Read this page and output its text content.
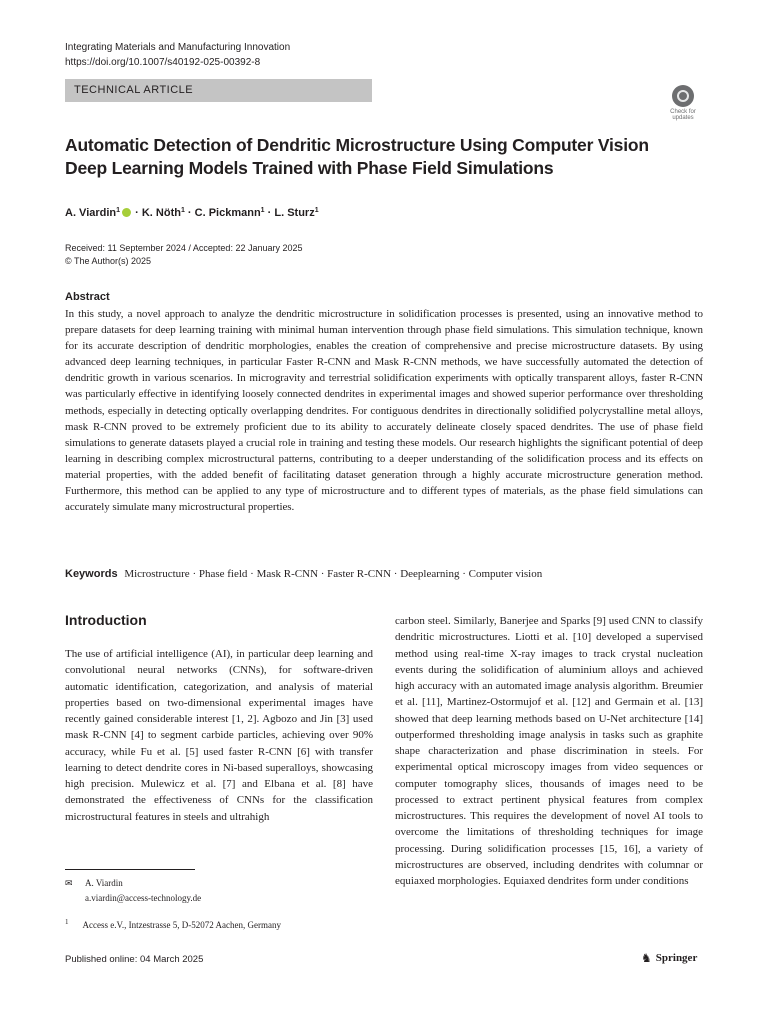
Integrating Materials and Manufacturing Innovation
https://doi.org/10.1007/s40192-025-00392-8
TECHNICAL ARTICLE
Check for
updates
Automatic Detection of Dendritic Microstructure Using Computer Vision Deep Learning Models Trained with Phase Field Simulations
A. Viardin$^1$ · K. Nöth$^1$ · C. Pickmann$^1$ · L. Sturz$^1$
Received: 11 September 2024 / Accepted: 22 January 2025
© The Author(s) 2025
Abstract

In this study, a novel approach to analyze the dendritic microstructure in solidification processes is presented, using an innovative method to prepare datasets for deep learning training with minimal human intervention through phase field simulations. This simulation technique, known for its accurate description of dendritic morphologies, enables the creation of comprehensive and precise microstructure datasets. By using advanced deep learning techniques, in particular Faster R-CNN and Mask R-CNN methods, we have successfully automated the detection of dendritic growth in various scenarios. In microgravity and terrestrial solidification experiments with optically transparent alloys, faster R-CNN was particularly effective in identifying loosely connected dendrites in experimental images and showed superior performance over thresholding methods, especially in detecting optically overlapping dendrites. For contiguous dendrites in directionally solidified polycrystalline metal alloys, mask R-CNN proved to be extremely proficient due to its ability to accurately delineate closely spaced dendrites. The use of phase field simulations to generate datasets played a crucial role in training and testing these models. Our research highlights the significant potential of deep learning in describing complex microstructural patterns, contributing to a deeper understanding of the solidification process and its effects on material properties, with the added benefit of facilitating dataset generation through a highly accurate microstructure generation method. Furthermore, this method can be applied to any type of microstructure and to different types of materials, as the phase field simulations can accurately simulate many microstructural properties.

Keywords Microstructure · Phase field · Mask R-CNN · Faster R-CNN · Deeplearning · Computer vision
Introduction

The use of artificial intelligence (AI), in particular deep learning and convolutional neural networks (CNNs), for software-driven automatic identification, categorization, and analysis of material properties based on two-dimensional experimental images have recently gained considerable interest [1, 2]. Agbozo and Jin [3] used mask R-CNN [4] to segment carbide particles, achieving over 90% accuracy, while Fu et al. [5] used faster R-CNN [6] with transfer learning to detect dendrite cores in Ni-based superalloys, showcasing high precision. Mulewicz et al. [7] and Elbana et al. [8] have demonstrated the effectiveness of CNNs for the classification microstructural features in steels and ultrahigh

carbon steel. Similarly, Banerjee and Sparks [9] used CNN to classify dendritic microstructures. Liotti et al. [10] developed a supervised method using real-time X-ray images to track crystal nucleation events during the solidification of aluminium alloys and achieved high accuracy with an automated image analysis algorithm. Breumier et al. [11], Martinez-Ostormujof et al. [12] and Germain et al. [13] showed that deep learning methods based on U-Net architecture [14] outperformed thresholding image analysis in tasks such as graphite shape characterization and phase discrimination in steels. For experimental optical microscopy images from video sequences or computer tomography slices, thousands of images need to be processed to extract pertinent physical features from complex microstructures. This requires the development of novel AI tools to overcome the limitations of thresholding techniques for image processing. During solidification processes [15, 16], a variety of microstructures are observed, including dendrites with columnar or equiaxed morphologies. Equiaxed dendrites form under conditions

✉ A. Viardin
a.viardin@access-technology.de
$^1$ Access e.V., Intzestrasse 5, D-52072 Aachen, Germany
Published online: 04 March 2025	♞ Springer
